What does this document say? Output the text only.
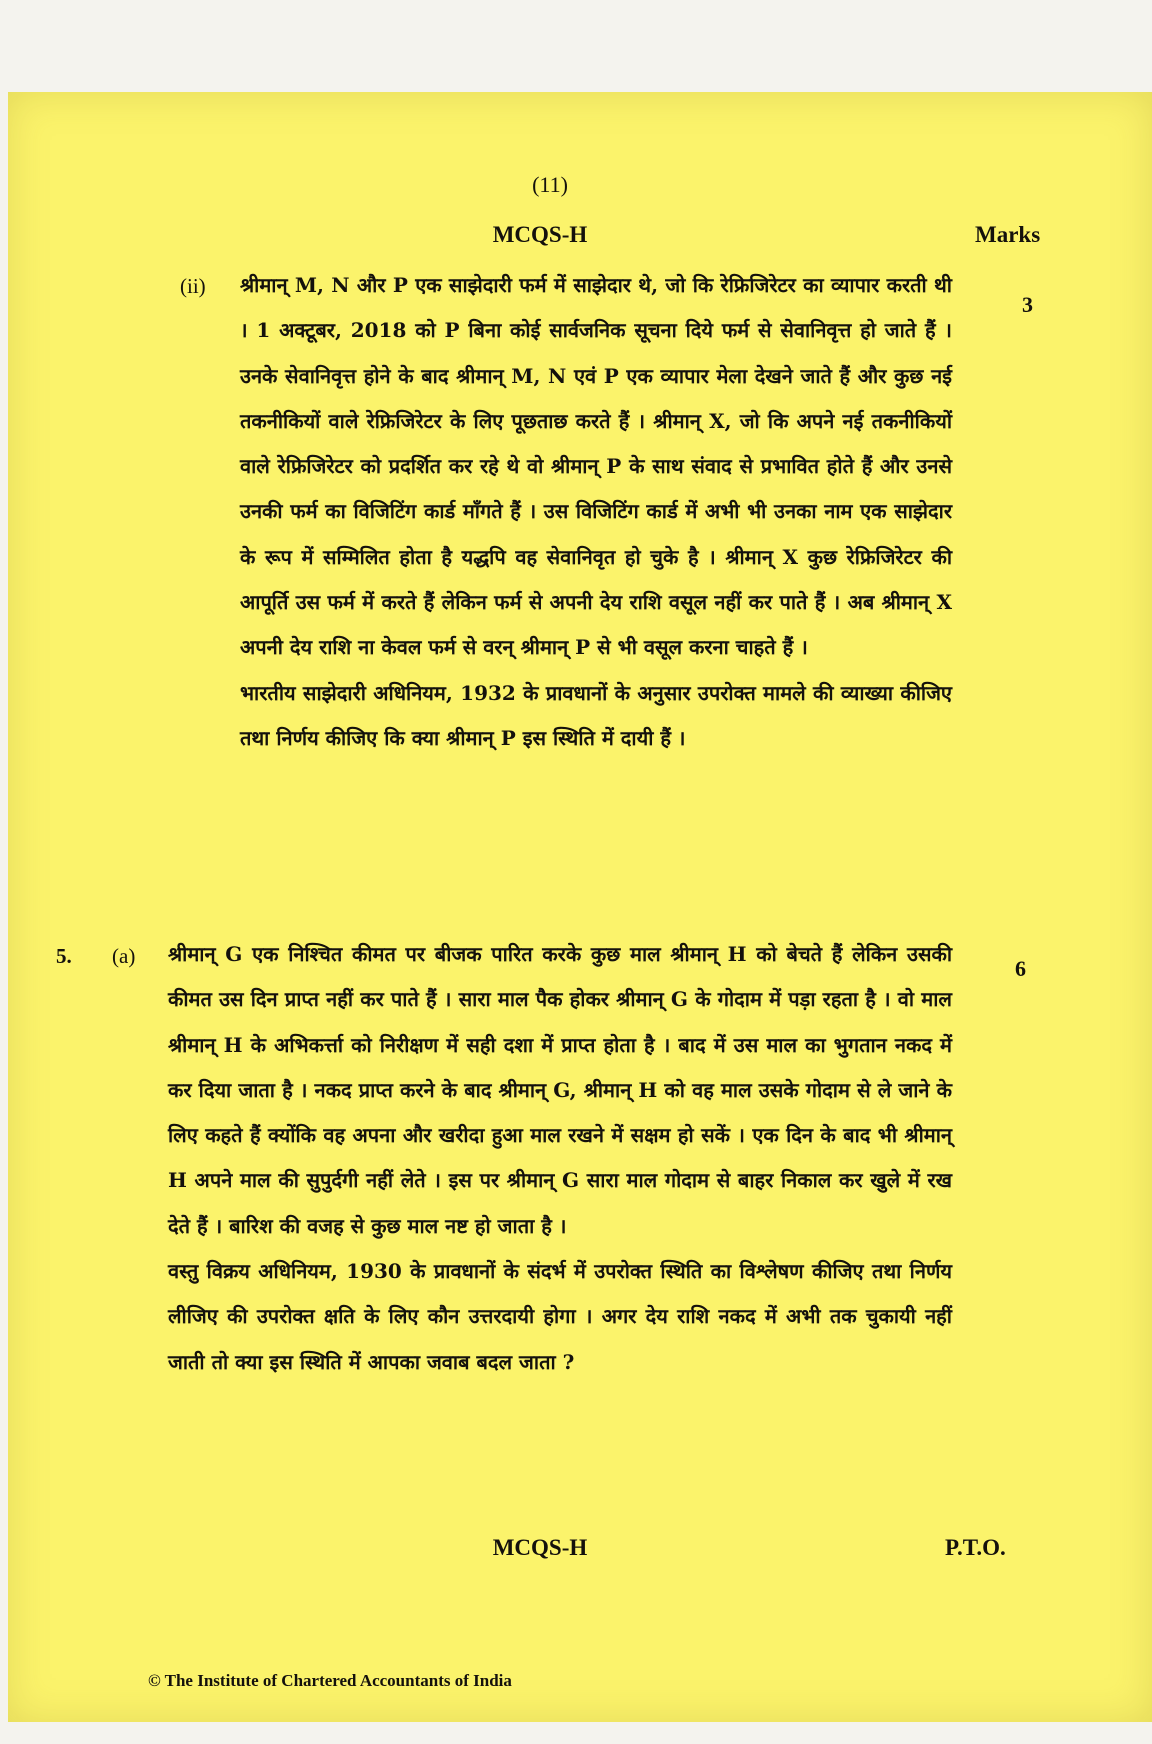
(11)
MCQS-H	Marks
(ii)
3

श्रीमान् M, N और P एक साझेदारी फर्म में साझेदार थे, जो कि रेफ्रिजिरेटर का व्यापार करती थी । 1 अक्टूबर, 2018 को P बिना कोई सार्वजनिक सूचना दिये फर्म से सेवानिवृत्त हो जाते हैं । उनके सेवानिवृत्त होने के बाद श्रीमान् M, N एवं P एक व्यापार मेला देखने जाते हैं और कुछ नई तकनीकियों वाले रेफ्रिजिरेटर के लिए पूछताछ करते हैं । श्रीमान् X, जो कि अपने नई तकनीकियों वाले रेफ्रिजिरेटर को प्रदर्शित कर रहे थे वो श्रीमान् P के साथ संवाद से प्रभावित होते हैं और उनसे उनकी फर्म का विजिटिंग कार्ड माँगते हैं । उस विजिटिंग कार्ड में अभी भी उनका नाम एक साझेदार के रूप में सम्मिलित होता है यद्धपि वह सेवानिवृत हो चुके है । श्रीमान् X कुछ रेफ्रिजिरेटर की आपूर्ति उस फर्म में करते हैं लेकिन फर्म से अपनी देय राशि वसूल नहीं कर पाते हैं । अब श्रीमान् X अपनी देय राशि ना केवल फर्म से वरन् श्रीमान् P से भी वसूल करना चाहते हैं ।

भारतीय साझेदारी अधिनियम, 1932 के प्रावधानों के अनुसार उपरोक्त मामले की व्याख्या कीजिए तथा निर्णय कीजिए कि क्या श्रीमान् P इस स्थिति में दायी हैं ।

5. (a)	6

श्रीमान् G एक निश्चित कीमत पर बीजक पारित करके कुछ माल श्रीमान् H को बेचते हैं लेकिन उसकी कीमत उस दिन प्राप्त नहीं कर पाते हैं । सारा माल पैक होकर श्रीमान् G के गोदाम में पड़ा रहता है । वो माल श्रीमान् H के अभिकर्त्ता को निरीक्षण में सही दशा में प्राप्त होता है । बाद में उस माल का भुगतान नकद में कर दिया जाता है । नकद प्राप्त करने के बाद श्रीमान् G, श्रीमान् H को वह माल उसके गोदाम से ले जाने के लिए कहते हैं क्योंकि वह अपना और खरीदा हुआ माल रखने में सक्षम हो सकें । एक दिन के बाद भी श्रीमान् H अपने माल की सुपुर्दगी नहीं लेते । इस पर श्रीमान् G सारा माल गोदाम से बाहर निकाल कर खुले में रख देते हैं । बारिश की वजह से कुछ माल नष्ट हो जाता है ।

वस्तु विक्रय अधिनियम, 1930 के प्रावधानों के संदर्भ में उपरोक्त स्थिति का विश्लेषण कीजिए तथा निर्णय लीजिए की उपरोक्त क्षति के लिए कौन उत्तरदायी होगा । अगर देय राशि नकद में अभी तक चुकायी नहीं जाती तो क्या इस स्थिति में आपका जवाब बदल जाता ?

MCQS-H	P.T.O.
© The Institute of Chartered Accountants of India
